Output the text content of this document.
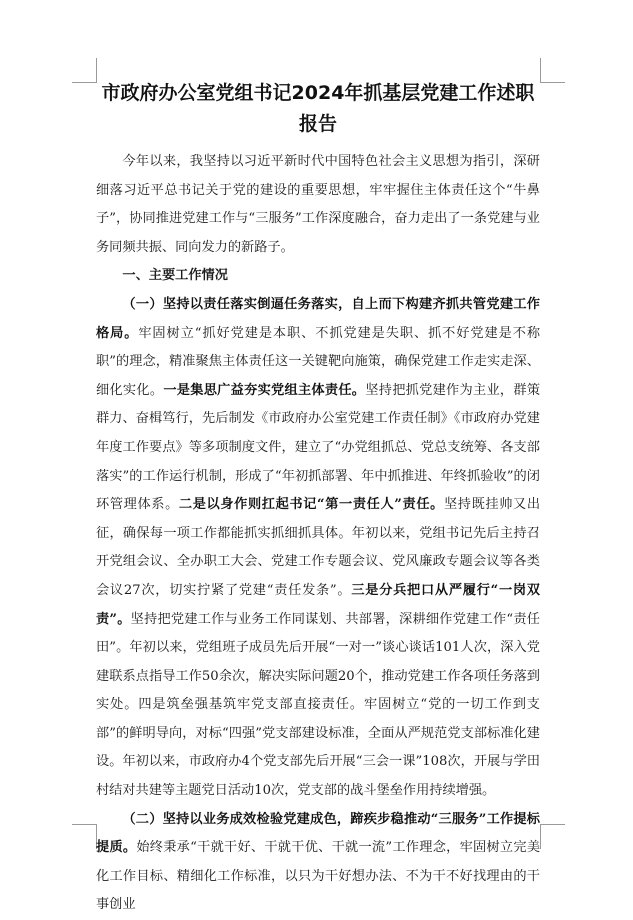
市政府办公室党组书记2024年抓基层党建工作述职报告

今年以来，我坚持以习近平新时代中国特色社会主义思想为指引，深研细落习近平总书记关于党的建设的重要思想，牢牢握住主体责任这个“牛鼻子”，协同推进党建工作与“三服务”工作深度融合，奋力走出了一条党建与业务同频共振、同向发力的新路子。

一、主要工作情况

（一）坚持以责任落实倒逼任务落实，自上而下构建齐抓共管党建工作格局。牢固树立“抓好党建是本职、不抓党建是失职、抓不好党建是不称职”的理念，精准聚焦主体责任这一关键靶向施策，确保党建工作走实走深、细化实化。一是集思广益夯实党组主体责任。坚持把抓党建作为主业，群策群力、奋楫笃行，先后制发《市政府办公室党建工作责任制》《市政府办党建年度工作要点》等多项制度文件，建立了“办党组抓总、党总支统筹、各支部落实”的工作运行机制，形成了“年初抓部署、年中抓推进、年终抓验收”的闭环管理体系。二是以身作则扛起书记“第一责任人”责任。坚持既挂帅又出征，确保每一项工作都能抓实抓细抓具体。年初以来，党组书记先后主持召开党组会议、全办职工大会、党建工作专题会议、党风廉政专题会议等各类会议27次，切实拧紧了党建“责任发条”。三是分兵把口从严履行“一岗双责”。坚持把党建工作与业务工作同谋划、共部署，深耕细作党建工作“责任田”。年初以来，党组班子成员先后开展“一对一”谈心谈话101人次，深入党建联系点指导工作50余次，解决实际问题20个，推动党建工作各项任务落到实处。四是筑垒强基筑牢党支部直接责任。牢固树立“党的一切工作到支部”的鲜明导向，对标“四强”党支部建设标准，全面从严规范党支部标准化建设。年初以来，市政府办4个党支部先后开展“三会一课”108次，开展与学田村结对共建等主题党日活动10次，党支部的战斗堡垒作用持续增强。

（二）坚持以业务成效检验党建成色，蹄疾步稳推动“三服务”工作提标提质。始终秉承“干就干好、干就干优、干就一流”工作理念，牢固树立完美化工作目标、精细化工作标准，以只为干好想办法、不为干不好找理由的干事创业
